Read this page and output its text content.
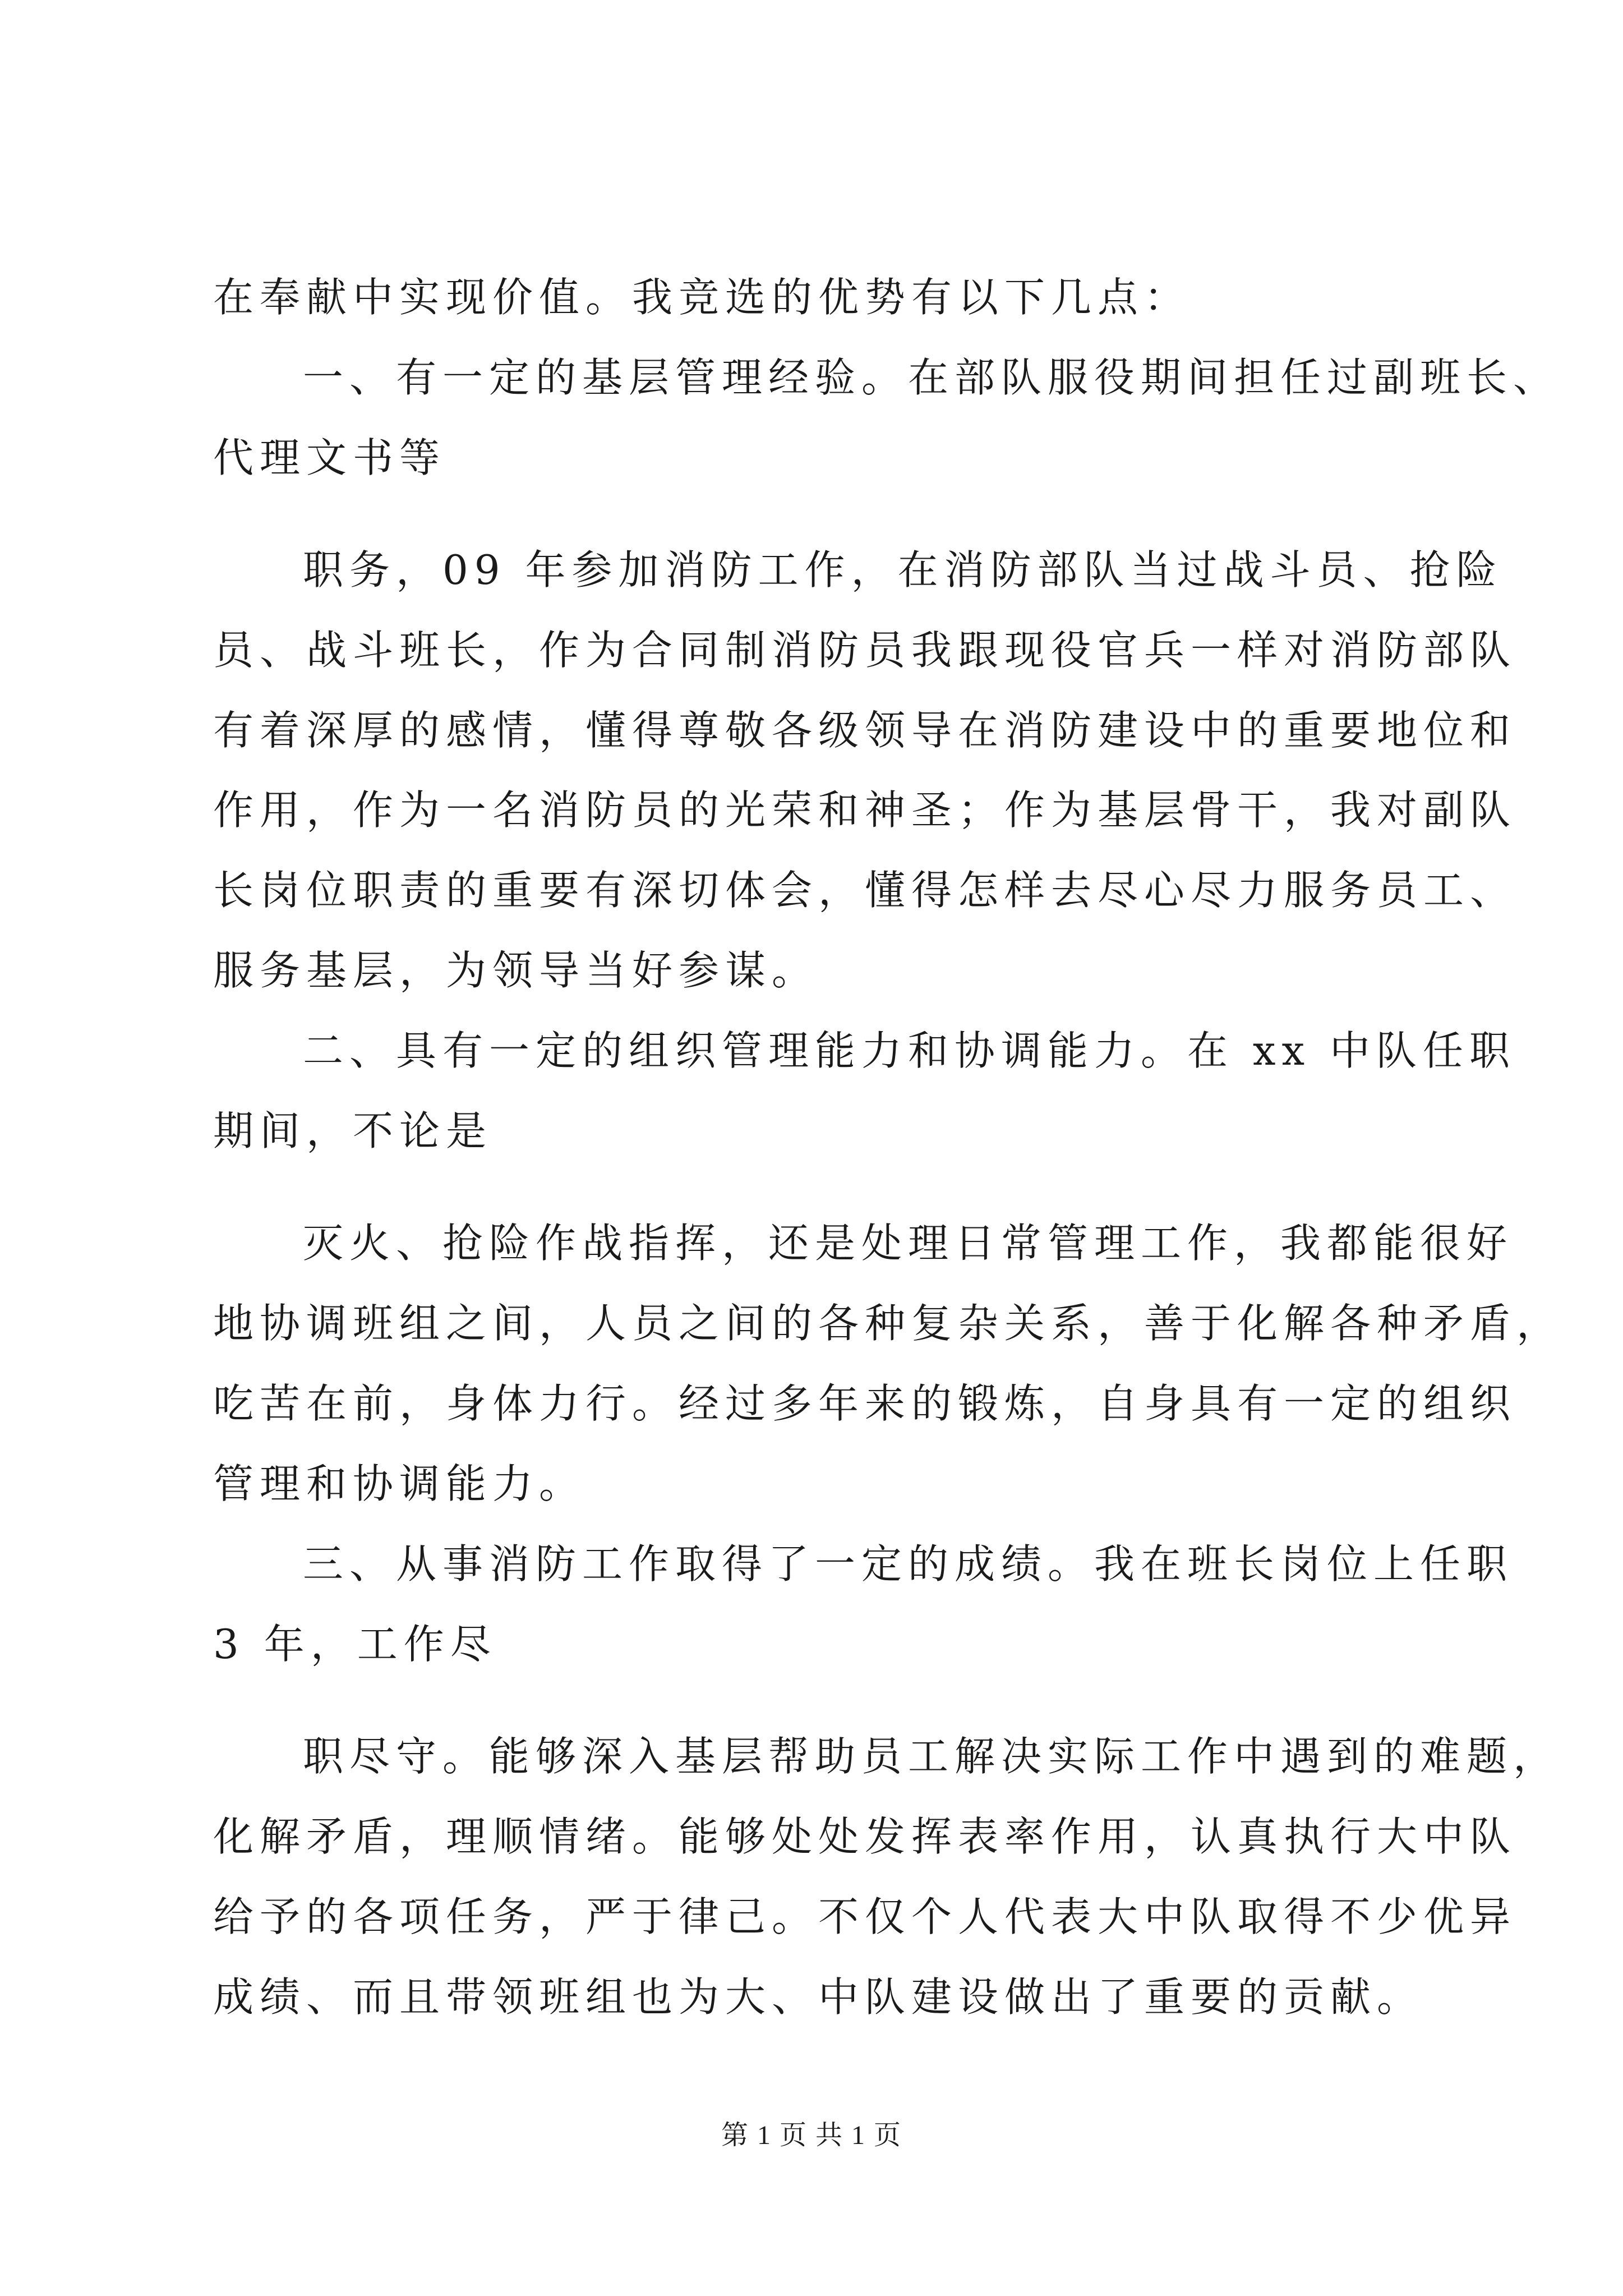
在奉献中实现价值。我竞选的优势有以下几点：
一、有一定的基层管理经验。在部队服役期间担任过副班长、
代理文书等
职务，09 年参加消防工作，在消防部队当过战斗员、抢险
员、战斗班长，作为合同制消防员我跟现役官兵一样对消防部队
有着深厚的感情，懂得尊敬各级领导在消防建设中的重要地位和
作用，作为一名消防员的光荣和神圣；作为基层骨干，我对副队
长岗位职责的重要有深切体会，懂得怎样去尽心尽力服务员工、
服务基层，为领导当好参谋。
二、具有一定的组织管理能力和协调能力。在 xx 中队任职
期间，不论是
灭火、抢险作战指挥，还是处理日常管理工作，我都能很好
地协调班组之间，人员之间的各种复杂关系，善于化解各种矛盾，
吃苦在前，身体力行。经过多年来的锻炼，自身具有一定的组织
管理和协调能力。
三、从事消防工作取得了一定的成绩。我在班长岗位上任职
3 年，工作尽
职尽守。能够深入基层帮助员工解决实际工作中遇到的难题，
化解矛盾，理顺情绪。能够处处发挥表率作用，认真执行大中队
给予的各项任务，严于律己。不仅个人代表大中队取得不少优异
成绩、而且带领班组也为大、中队建设做出了重要的贡献。
第 1 页 共 1 页
